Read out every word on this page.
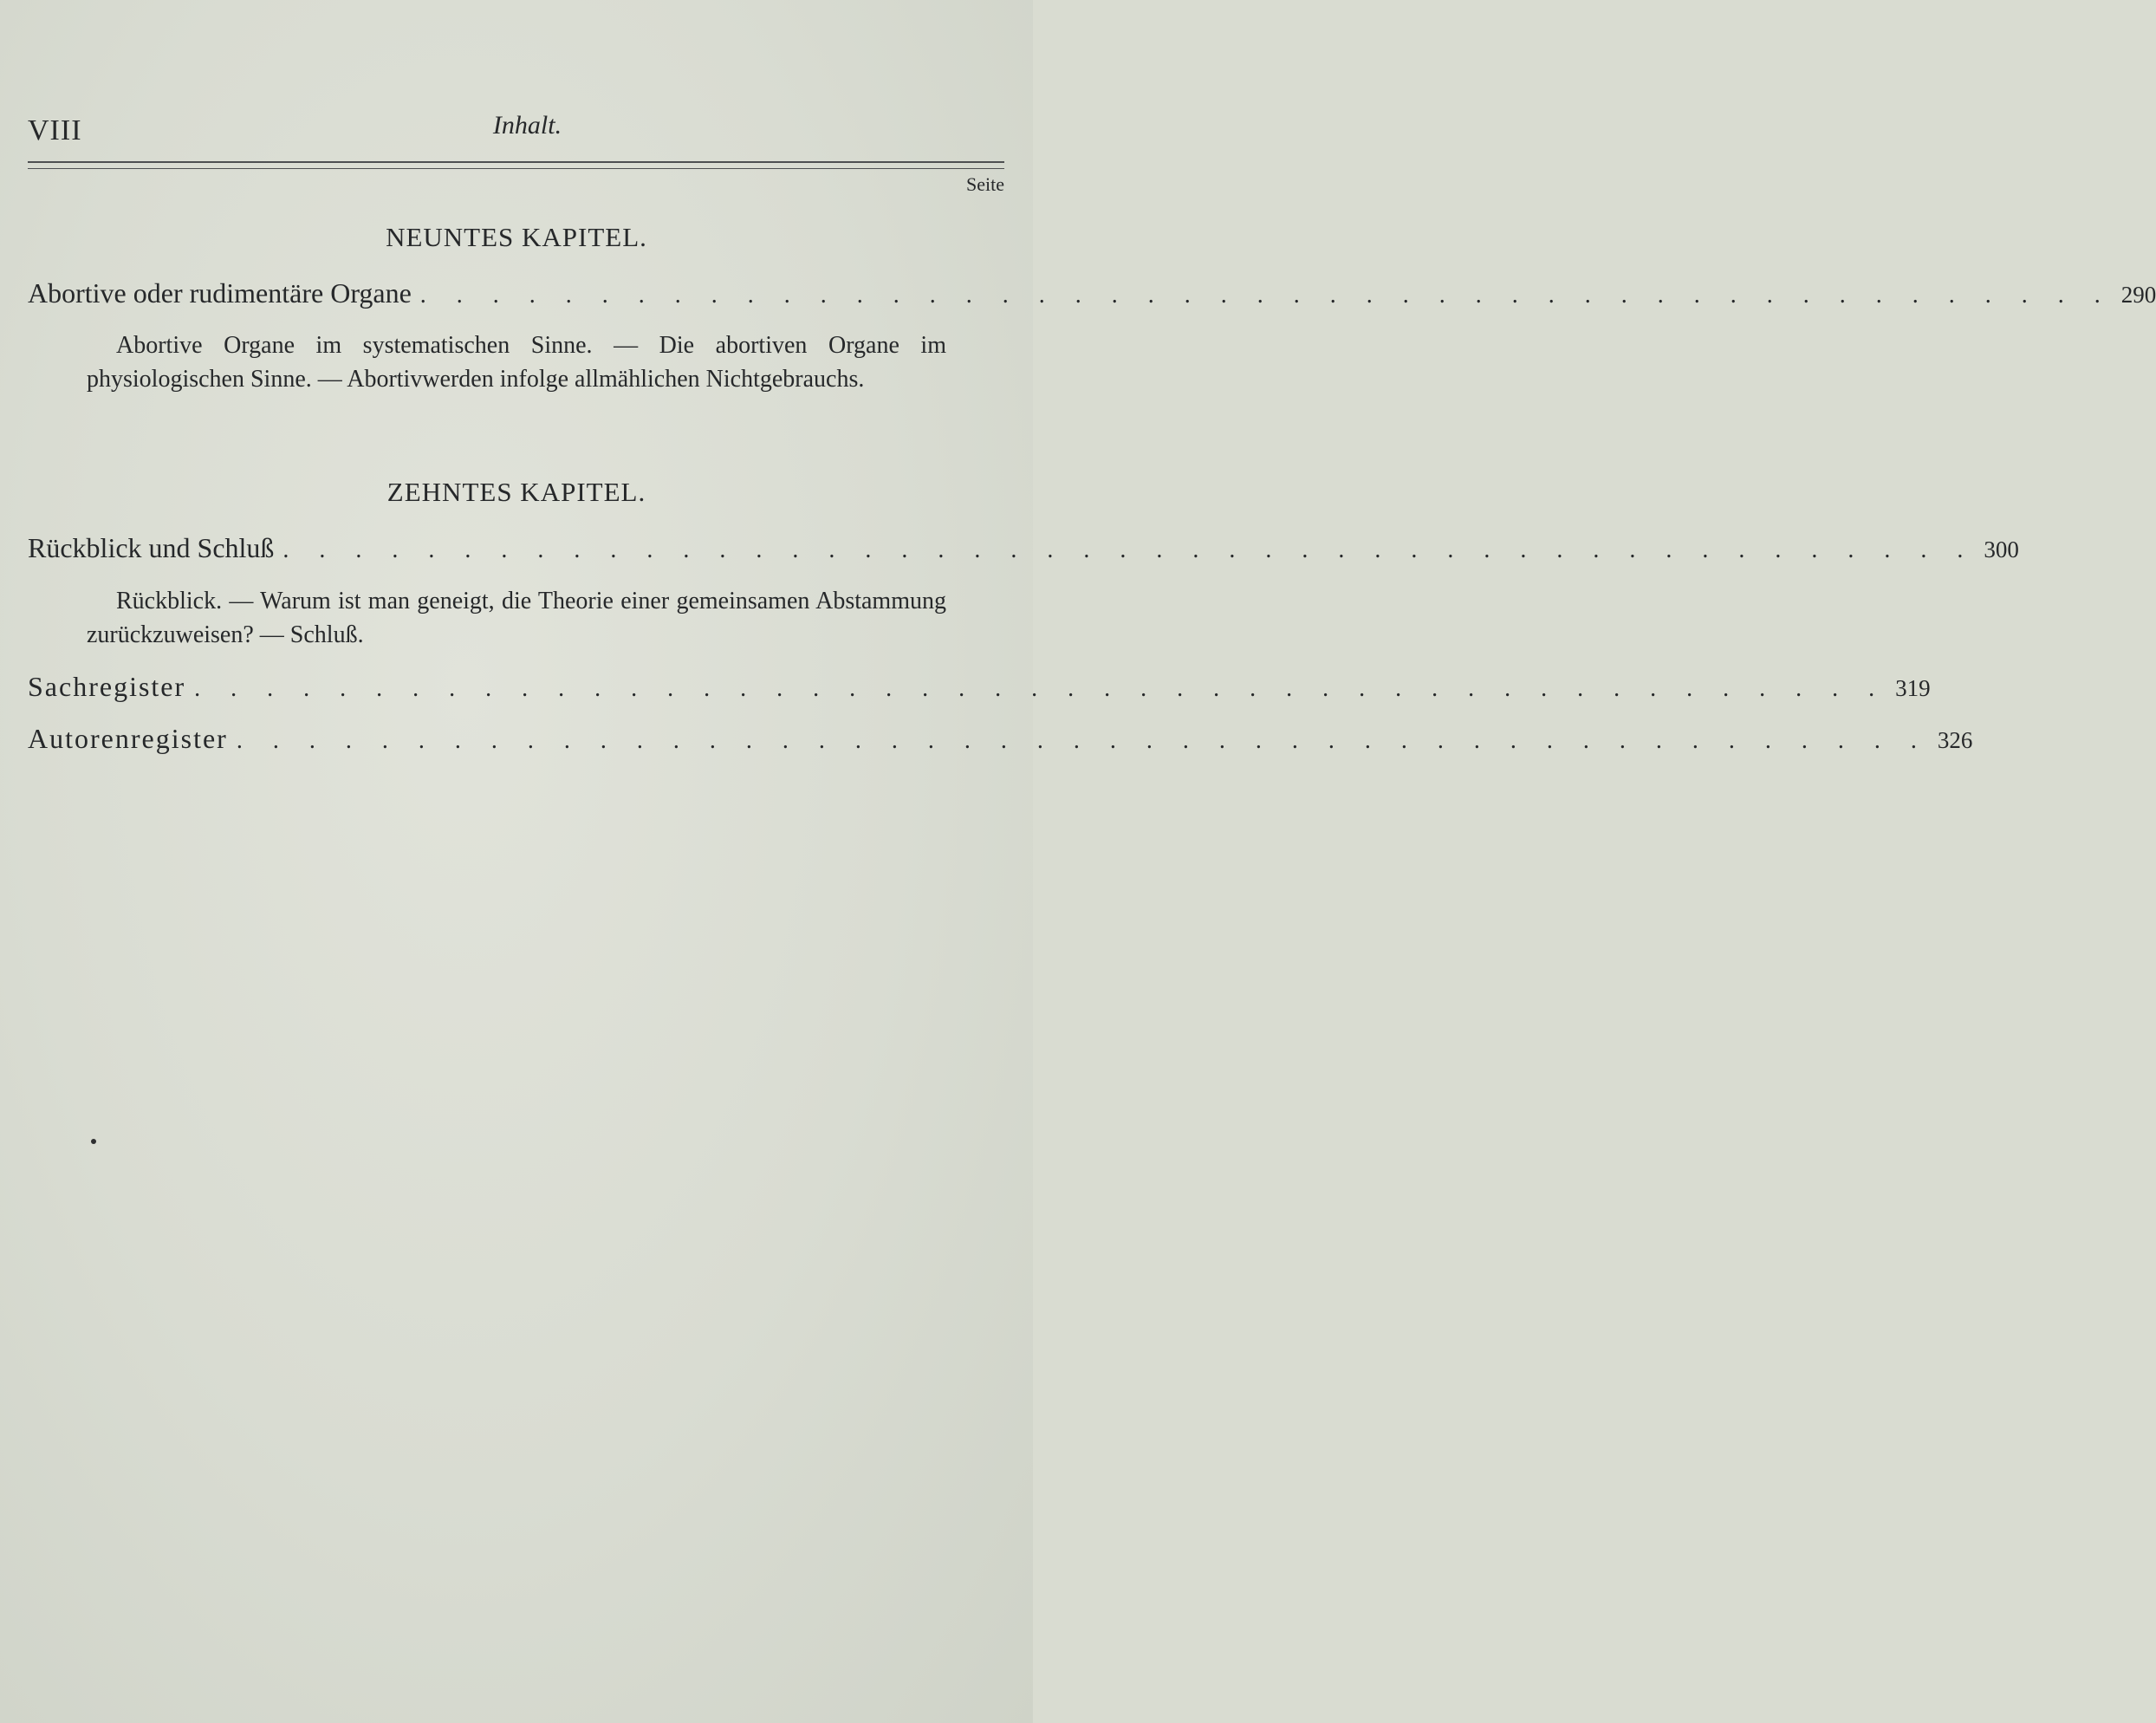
VIII	Inhalt.
Seite
NEUNTES KAPITEL.
Abortive oder rudimentäre Organe . . . . . . . . . . . . . . . . . . . . . . . . . . . . . . . . . . . . . . . . . . . . . . . 290
Abortive Organe im systematischen Sinne. — Die abortiven Organe im physiologischen Sinne. — Abortivwerden infolge allmählichen Nichtgebrauchs.
ZEHNTES KAPITEL.
Rückblick und Schluß . . . . . . . . . . . . . . . . . . . . . . . . . . . . . . . . . . . . . . . . . . . . . . . 300
Rückblick. — Warum ist man geneigt, die Theorie einer gemeinsamen Abstammung zurückzuweisen? — Schluß.
Sachregister . . . . . . . . . . . . . . . . . . . . . . . . . . . . . . . . . . . . . . . . . . . . . . . 319
Autorenregister . . . . . . . . . . . . . . . . . . . . . . . . . . . . . . . . . . . . . . . . . . . . . . . 326
